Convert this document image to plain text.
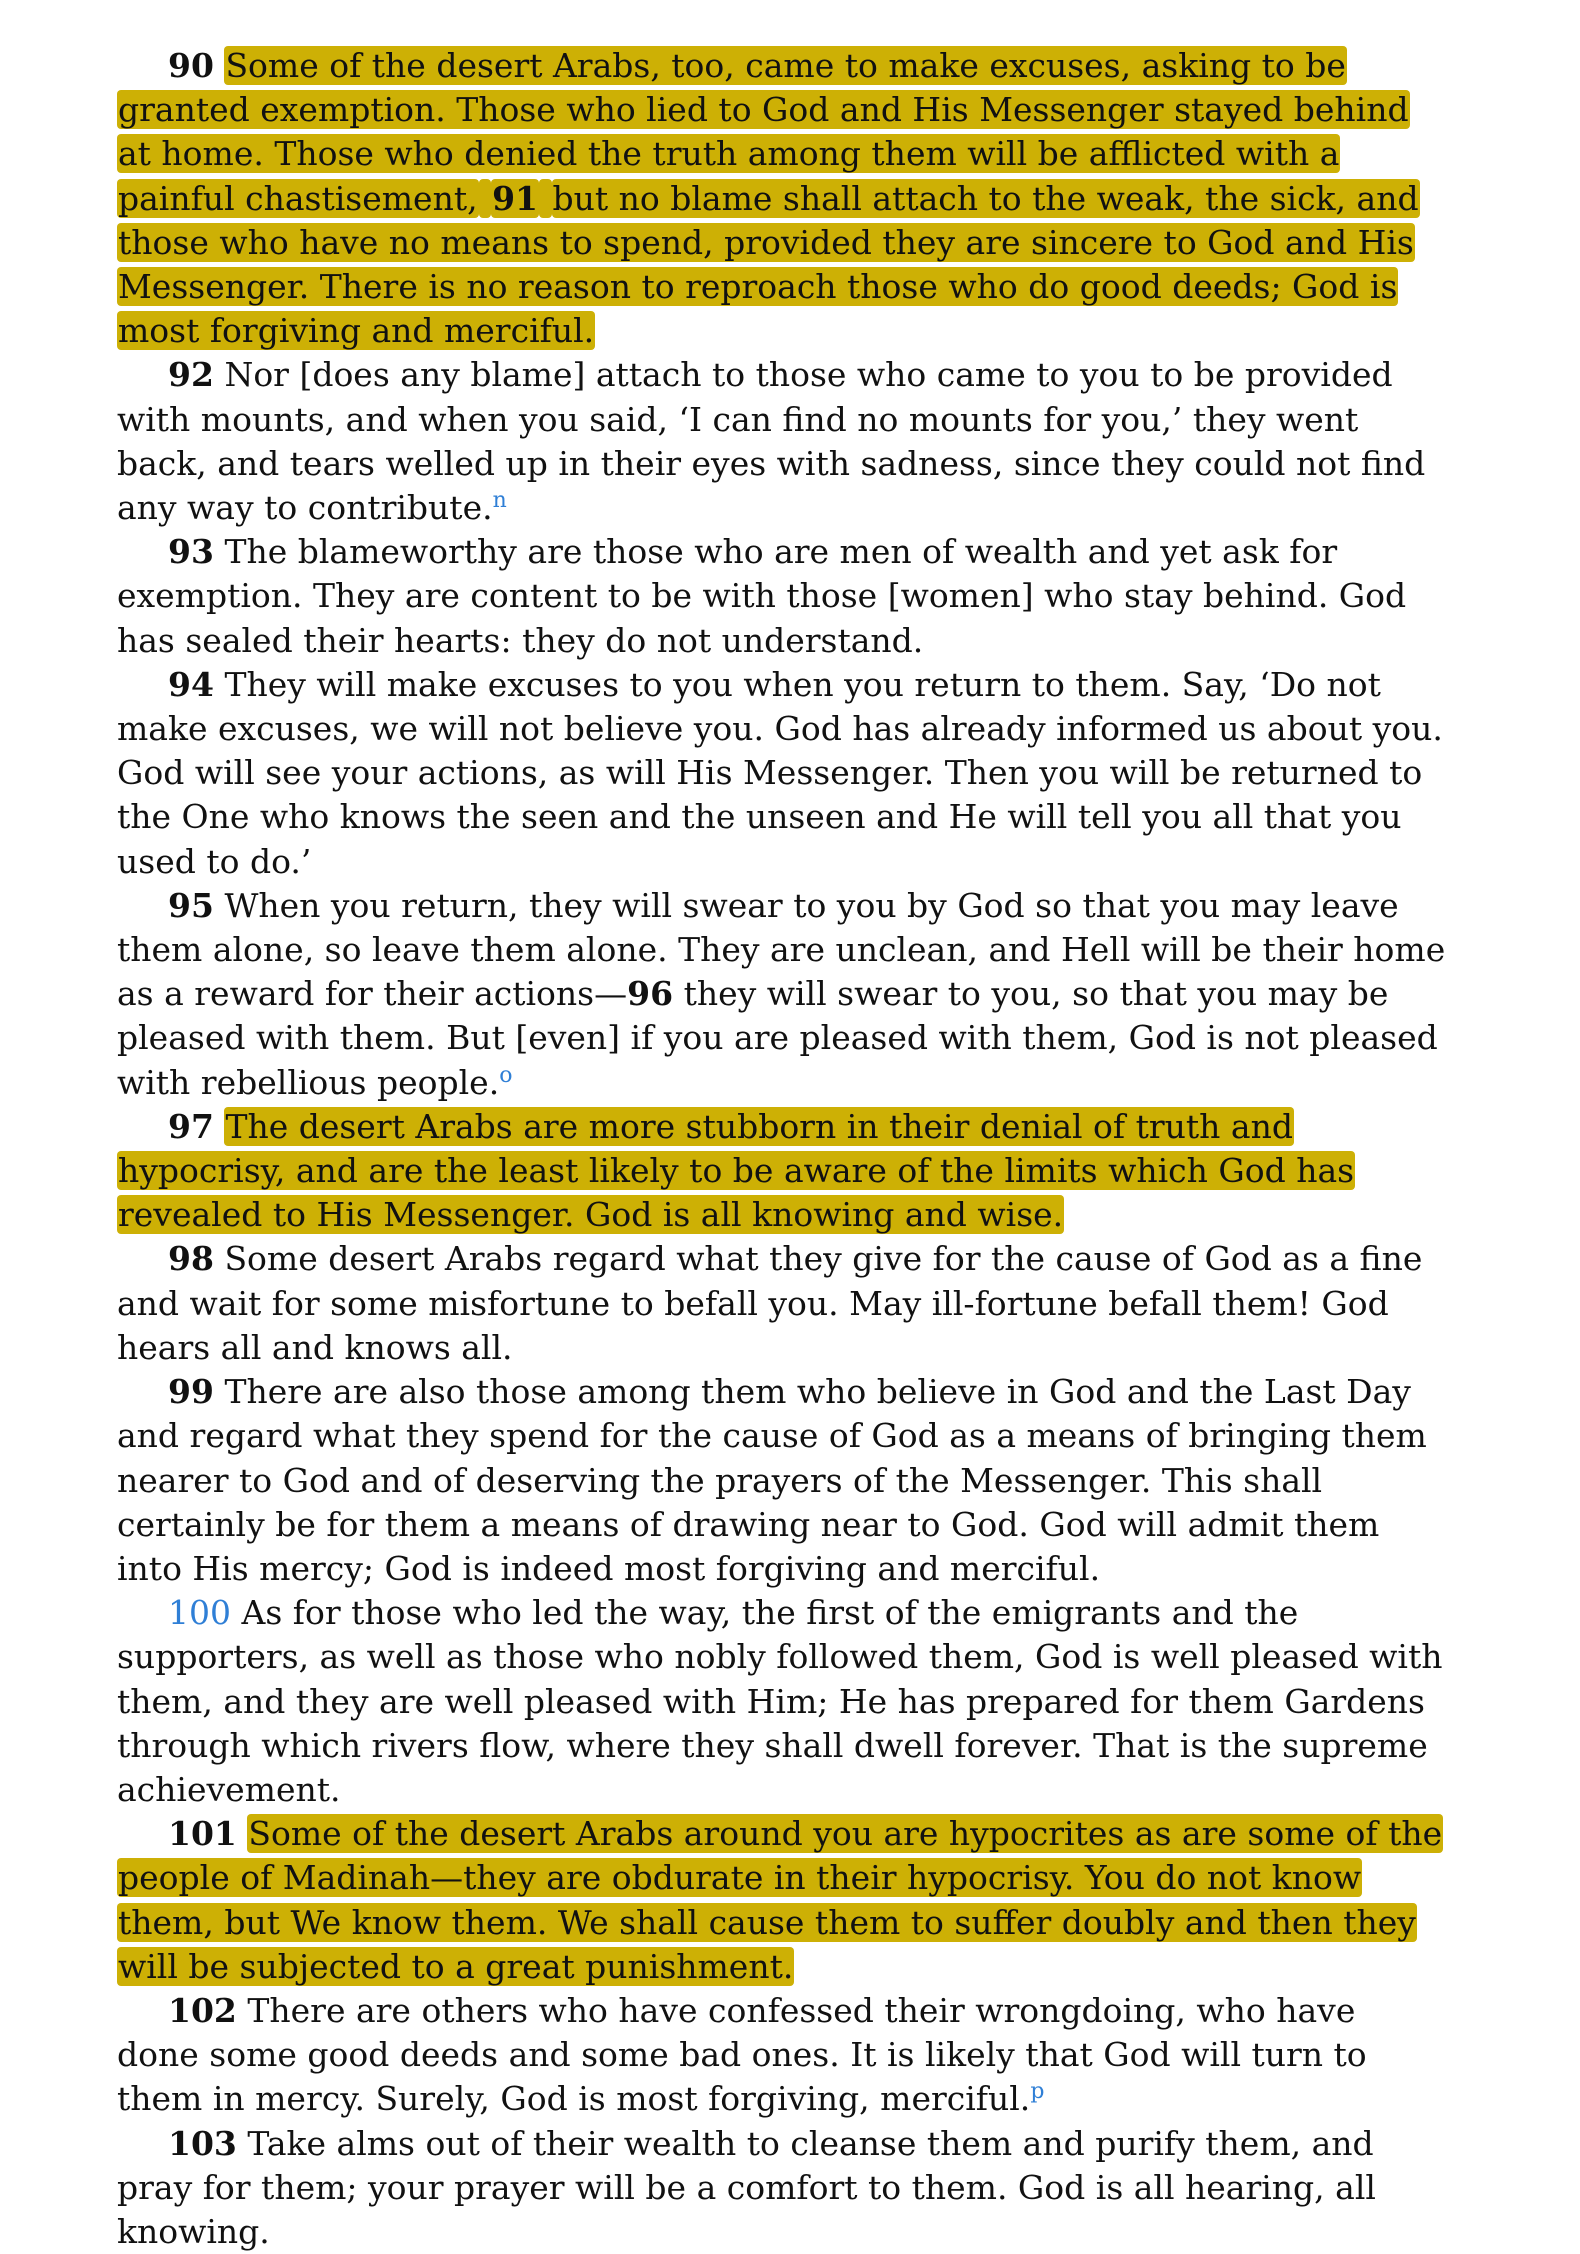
90 Some of the desert Arabs, too, came to make excuses, asking to be granted exemption. Those who lied to God and His Messenger stayed behind at home. Those who denied the truth among them will be afflicted with a painful chastisement, 91 but no blame shall attach to the weak, the sick, and those who have no means to spend, provided they are sincere to God and His Messenger. There is no reason to reproach those who do good deeds; God is most forgiving and merciful.

92 Nor [does any blame] attach to those who came to you to be provided with mounts, and when you said, ‘I can find no mounts for you,’ they went back, and tears welled up in their eyes with sadness, since they could not find any way to contribute.$^n$

93 The blameworthy are those who are men of wealth and yet ask for exemption. They are content to be with those [women] who stay behind. God has sealed their hearts: they do not understand.

94 They will make excuses to you when you return to them. Say, ‘Do not make excuses, we will not believe you. God has already informed us about you. God will see your actions, as will His Messenger. Then you will be returned to the One who knows the seen and the unseen and He will tell you all that you used to do.’

95 When you return, they will swear to you by God so that you may leave them alone, so leave them alone. They are unclean, and Hell will be their home as a reward for their actions—96 they will swear to you, so that you may be pleased with them. But [even] if you are pleased with them, God is not pleased with rebellious people.$^o$

97 The desert Arabs are more stubborn in their denial of truth and hypocrisy, and are the least likely to be aware of the limits which God has revealed to His Messenger. God is all knowing and wise.

98 Some desert Arabs regard what they give for the cause of God as a fine and wait for some misfortune to befall you. May ill-fortune befall them! God hears all and knows all.

99 There are also those among them who believe in God and the Last Day and regard what they spend for the cause of God as a means of bringing them nearer to God and of deserving the prayers of the Messenger. This shall certainly be for them a means of drawing near to God. God will admit them into His mercy; God is indeed most forgiving and merciful.

100 As for those who led the way, the first of the emigrants and the supporters, as well as those who nobly followed them, God is well pleased with them, and they are well pleased with Him; He has prepared for them Gardens through which rivers flow, where they shall dwell forever. That is the supreme achievement.

101 Some of the desert Arabs around you are hypocrites as are some of the people of Madinah—they are obdurate in their hypocrisy. You do not know them, but We know them. We shall cause them to suffer doubly and then they will be subjected to a great punishment.

102 There are others who have confessed their wrongdoing, who have done some good deeds and some bad ones. It is likely that God will turn to them in mercy. Surely, God is most forgiving, merciful.$^p$

103 Take alms out of their wealth to cleanse them and purify them, and pray for them; your prayer will be a comfort to them. God is all hearing, all knowing.
